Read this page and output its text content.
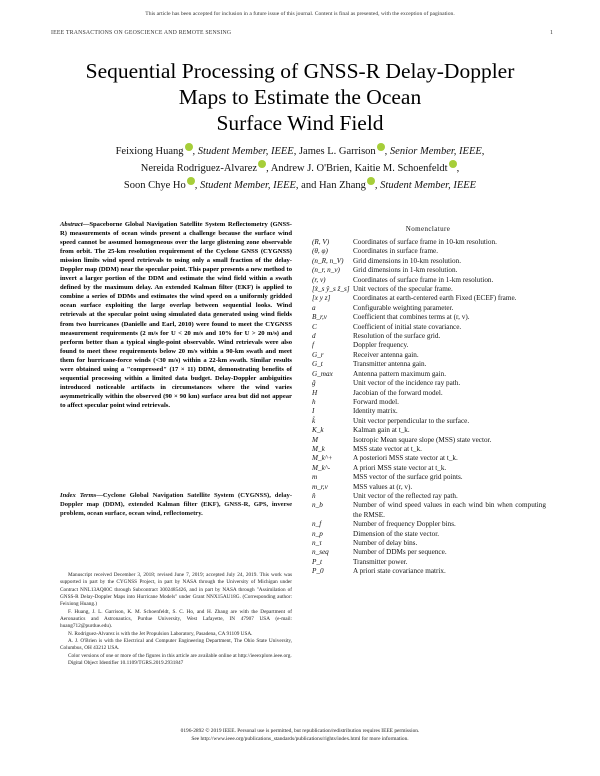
This article has been accepted for inclusion in a future issue of this journal. Content is final as presented, with the exception of pagination.
IEEE TRANSACTIONS ON GEOSCIENCE AND REMOTE SENSING	1
Sequential Processing of GNSS-R Delay-Doppler
Maps to Estimate the Ocean
Surface Wind Field
Feixiong Huang , Student Member, IEEE, James L. Garrison , Senior Member, IEEE,
Nereida Rodriguez-Alvarez , Andrew J. O'Brien, Kaitie M. Schoenfeldt ,
Soon Chye Ho , Student Member, IEEE, and Han Zhang , Student Member, IEEE
Abstract—Spaceborne Global Navigation Satellite System Reflectometry (GNSS-R) measurements of ocean winds present a challenge because the surface wind speed cannot be assumed homogeneous over the large glistening zone observable from orbit. The 25-km resolution requirement of the Cyclone GNSS (CYGNSS) mission limits wind speed retrievals to using only a small fraction of the delay-Doppler map (DDM) near the specular point. This paper presents a new method to invert a larger portion of the DDM and estimate the wind field within a swath defined by the maximum delay. An extended Kalman filter (EKF) is applied to combine a series of DDMs and estimates the wind speed on a uniformly gridded ocean surface exploiting the large overlap between sequential looks. Wind retrievals at the specular point using simulated data generated using wind fields from two hurricanes (Danielle and Earl, 2010) were found to meet the CYGNSS measurement requirements (2 m/s for U < 20 m/s and 10% for U > 20 m/s) and perform better than a typical single-point observable. Wind retrievals were also found to meet these requirements below 20 m/s within a 90-km swath and meet them for hurricane-force winds (<30 m/s) within a 22-km swath. Similar results were obtained using a "compressed" (17 × 11) DDM, demonstrating benefits of sequential processing within a limited data budget. Delay-Doppler ambiguities introduced noticeable artifacts in circumstances where the wind varies asymmetrically within the observed (90 × 90 km) surface area but did not appear to affect specular point wind retrievals.
Index Terms—Cyclone Global Navigation Satellite System (CYGNSS), delay-Doppler map (DDM), extended Kalman filter (EKF), GNSS-R, GPS, inverse problem, ocean surface, ocean wind, reflectometry.

Manuscript received December 3, 2018; revised June 7, 2019; accepted July 24, 2019. This work was supported in part by the CYGNSS Project, in part by NASA through the University of Michigan under Contract NNL13AQ00C through Subcontract 3002485426, and in part by NASA through "Assimilation of GNSS-R Delay-Doppler Maps into Hurricane Models" under Grant NNX15AU18G. (Corresponding author: Feixiong Huang.)

F. Huang, J. L. Garrison, K. M. Schoenfeldt, S. C. Ho, and H. Zhang are with the Department of Aeronautics and Astronautics, Purdue University, West Lafayette, IN 47907 USA (e-mail: huang712@purdue.edu).

N. Rodriguez-Alvarez is with the Jet Propulsion Laboratory, Pasadena, CA 91109 USA.

A. J. O'Brien is with the Electrical and Computer Engineering Department, The Ohio State University, Columbus, OH 43212 USA.

Color versions of one or more of the figures in this article are available online at http://ieeexplore.ieee.org.

Digital Object Identifier 10.1109/TGRS.2019.2931847

Nomenclature
(R, V)	Coordinates of surface frame in 10-km resolution.
(θ, φ)	Coordinates in surface frame.
(n_R, n_V)	Grid dimensions in 10-km resolution.
(n_r, n_v)	Grid dimensions in 1-km resolution.
(r, v)	Coordinates of surface frame in 1-km resolution.
[x̂_s ŷ_s ẑ_s] Unit vectors of the specular frame.
[x y z]	Coordinates at earth-centered earth Fixed (ECEF) frame.
a	Configurable weighting parameter.
B_r,v	Coefficient that combines terms at (r, v).
C	Coefficient of initial state covariance.
d	Resolution of the surface grid.
f	Doppler frequency.
G_r	Receiver antenna gain.
G_t	Transmitter antenna gain.
G_max	Antenna pattern maximum gain.
ĝ	Unit vector of the incidence ray path.
H	Jacobian of the forward model.
h	Forward model.
I	Identity matrix.
k̂	Unit vector perpendicular to the surface.
K_k	Kalman gain at t_k.
M	Isotropic Mean square slope (MSS) state vector.
M_k	MSS state vector at t_k.
M_k^+	A posteriori MSS state vector at t_k.
M_k^-	A priori MSS state vector at t_k.
m	MSS vector of the surface grid points.
m_r,v	MSS values at (r, v).
n̂	Unit vector of the reflected ray path.
n_b	Number of wind speed values in each wind bin when computing the RMSE.
n_f	Number of frequency Doppler bins.
n_p	Dimension of the state vector.
n_τ	Number of delay bins.
n_seq	Number of DDMs per sequence.
P_t	Transmitter power.
P_0	A priori state covariance matrix.
0196-2892 © 2019 IEEE. Personal use is permitted, but republication/redistribution requires IEEE permission.
See http://www.ieee.org/publications_standards/publications/rights/index.html for more information.
